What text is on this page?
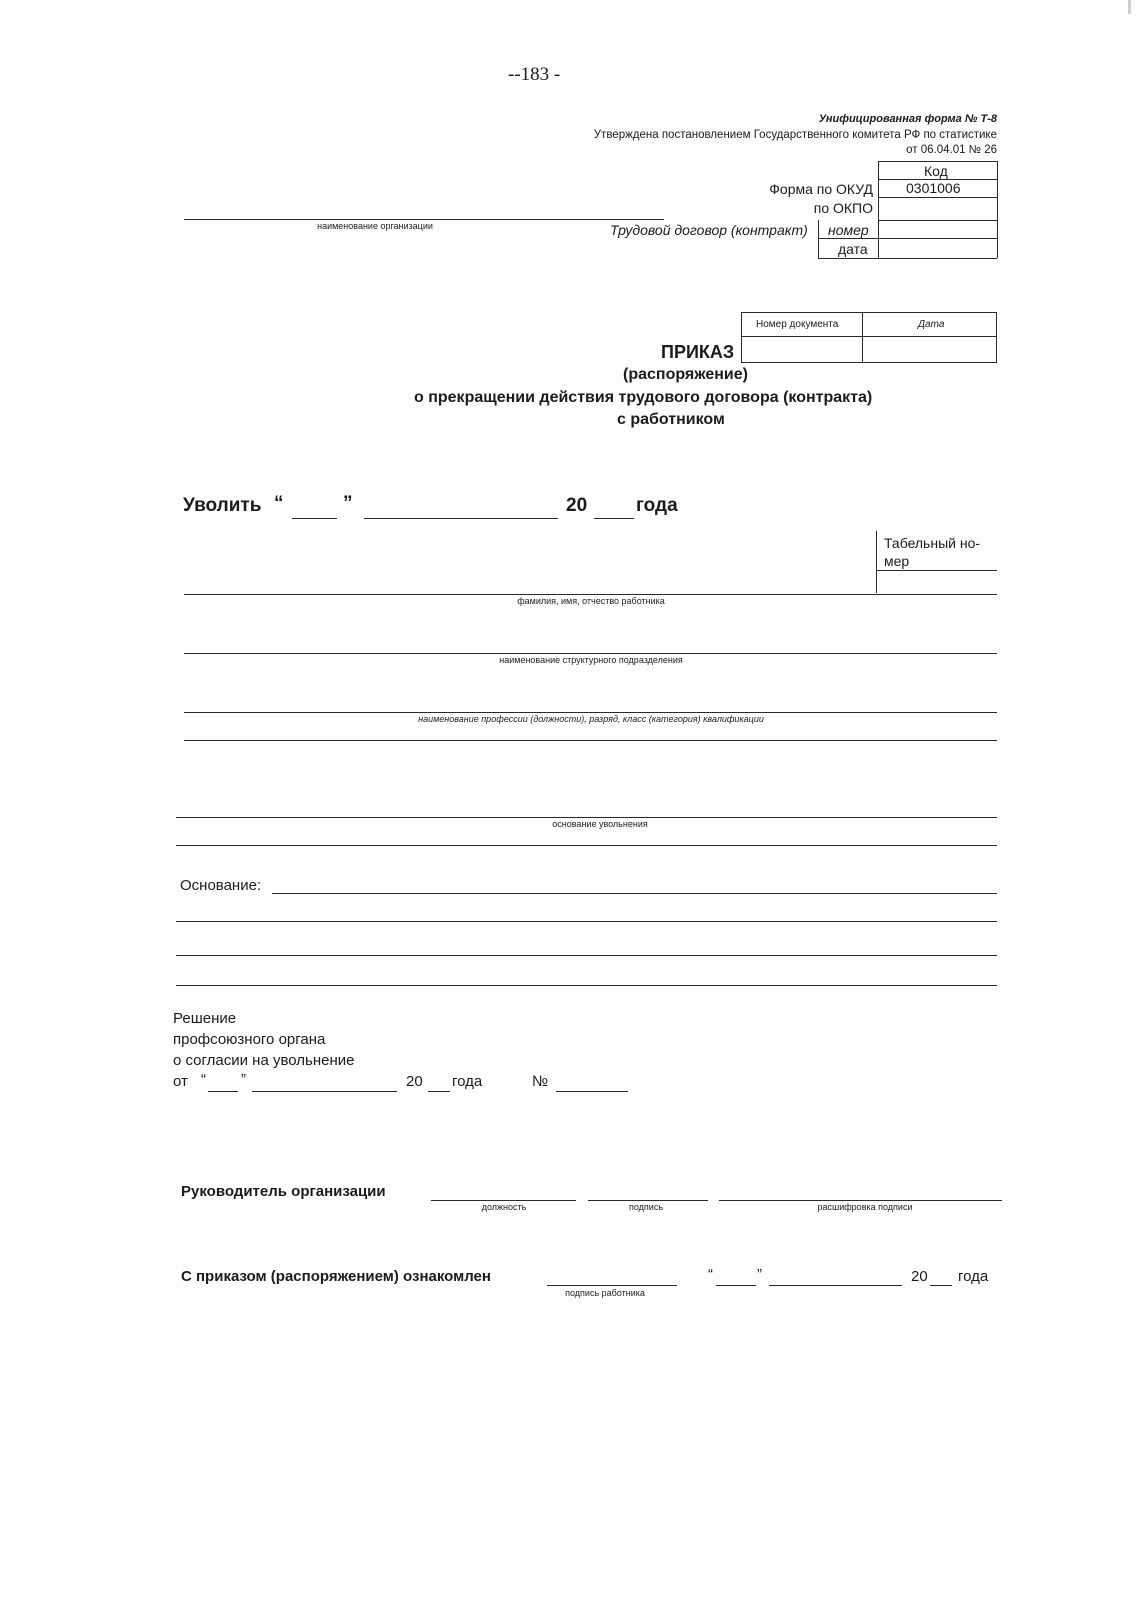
--183 -
Унифицированная форма № Т-8
Утверждена постановлением Государственного комитета РФ по статистике
от 06.04.01 № 26
Код
Форма по ОКУД 0301006
по ОКПО
наименование организации	Трудовой договор (контракт) номер
дата
Номер документа	Дата
ПРИКАЗ
(распоряжение)
о прекращении действия трудового договора (контракта)
с работником
Уволить “	”	20	года
Табельный но-
мер
фамилия, имя, отчество работника
наименование структурного подразделения
наименование профессии (должности), разряд, класс (категория) квалификации
основание увольнения
Основание:
Решение
профсоюзного органа
о согласии на увольнение
от “ ”	20 года	№
Руководитель организации
должность	подпись	расшифровка подписи
С приказом (распоряжением) ознакомлен
подпись работника
“	”	20 года
